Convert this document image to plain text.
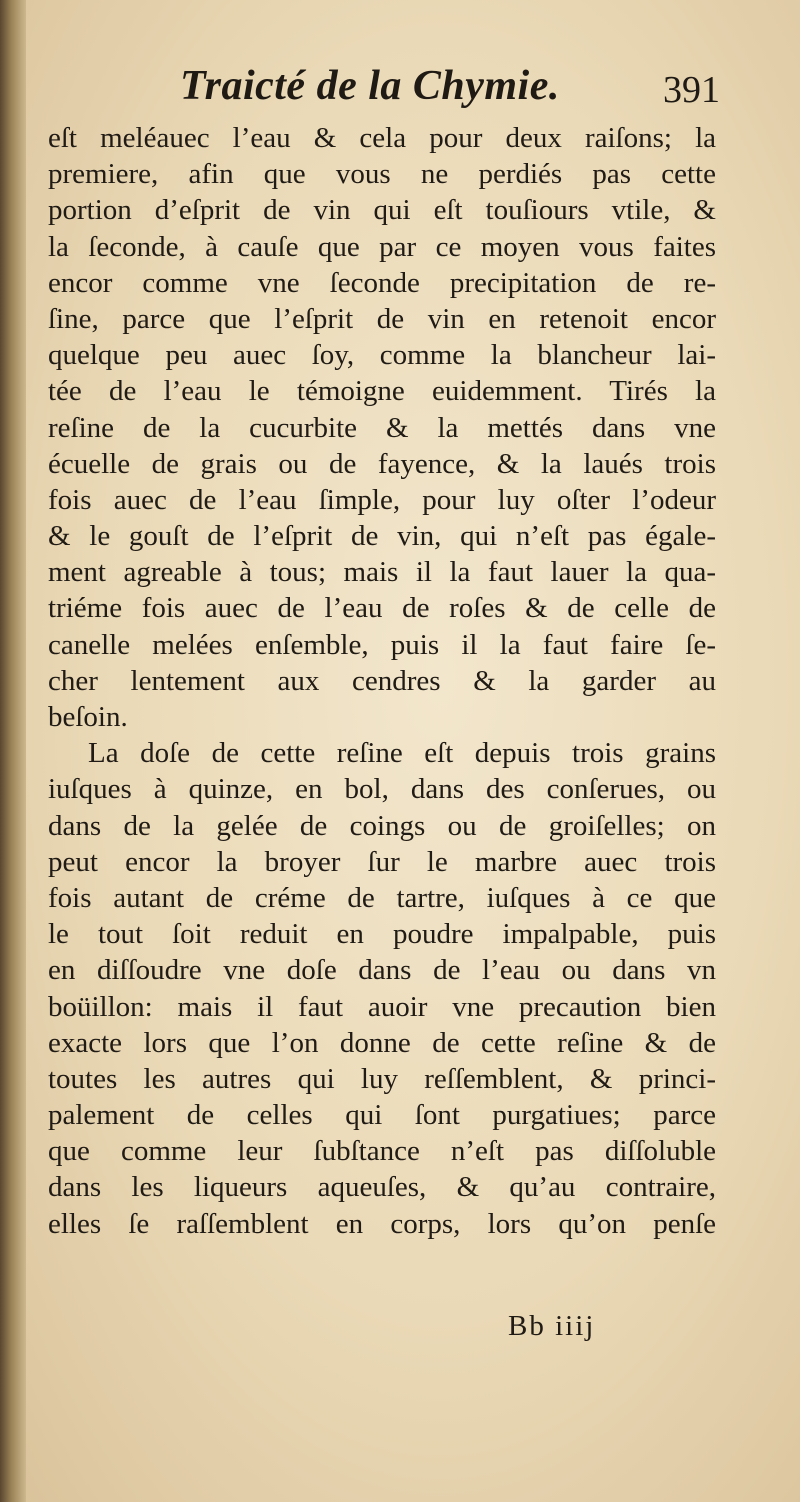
Traicté de la Chymie.	391
eſt meléauec l’eau & cela pour deux raiſons; la
premiere, afin que vous ne perdiés pas cette
portion d’eſprit de vin qui eſt touſiours vtile, &
la ſeconde, à cauſe que par ce moyen vous faites
encor comme vne ſeconde precipitation de re-
ſine, parce que l’eſprit de vin en retenoit encor
quelque peu auec ſoy, comme la blancheur lai-
tée de l’eau le témoigne euidemment. Tirés la
reſine de la cucurbite & la mettés dans vne
écuelle de grais ou de fayence, & la laués trois
fois auec de l’eau ſimple, pour luy oſter l’odeur
& le gouſt de l’eſprit de vin, qui n’eſt pas égale-
ment agreable à tous; mais il la faut lauer la qua-
triéme fois auec de l’eau de roſes & de celle de
canelle melées enſemble, puis il la faut faire ſe-
cher lentement aux cendres & la garder au
beſoin.
La doſe de cette reſine eſt depuis trois grains
iuſques à quinze, en bol, dans des conſerues, ou
dans de la gelée de coings ou de groiſelles; on
peut encor la broyer ſur le marbre auec trois
fois autant de créme de tartre, iuſques à ce que
le tout ſoit reduit en poudre impalpable, puis
en diſſoudre vne doſe dans de l’eau ou dans vn
boüillon: mais il faut auoir vne precaution bien
exacte lors que l’on donne de cette reſine & de
toutes les autres qui luy reſſemblent, & princi-
palement de celles qui ſont purgatiues; parce
que comme leur ſubſtance n’eſt pas diſſoluble
dans les liqueurs aqueuſes, & qu’au contraire,
elles ſe raſſemblent en corps, lors qu’on penſe
Bb iiij
